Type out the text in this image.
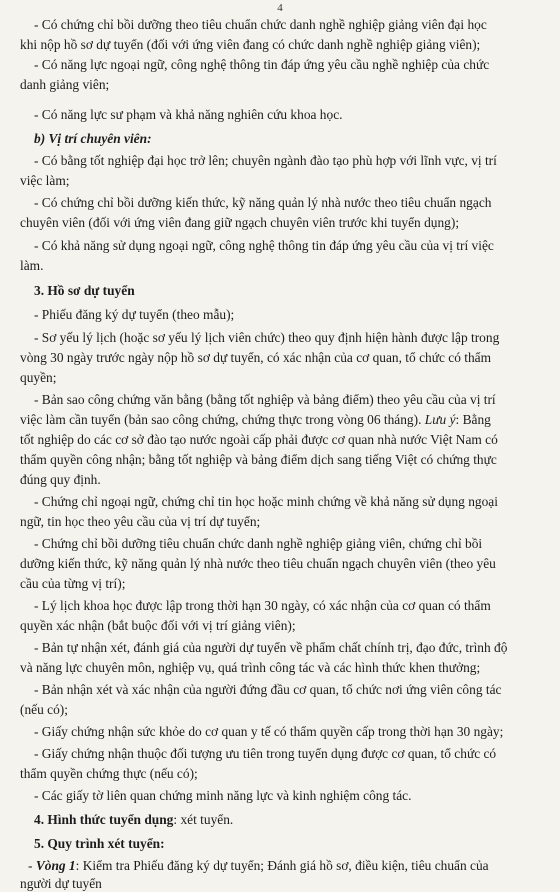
4
- Có chứng chỉ bồi dưỡng theo tiêu chuẩn chức danh nghề nghiệp giảng viên đại học
khi nộp hồ sơ dự tuyển (đối với ứng viên đang có chức danh nghề nghiệp giảng viên);
- Có năng lực ngoại ngữ, công nghệ thông tin đáp ứng yêu cầu nghề nghiệp của chức
danh giảng viên;
- Có năng lực sư phạm và khả năng nghiên cứu khoa học.
b) Vị trí chuyên viên:
- Có bằng tốt nghiệp đại học trở lên; chuyên ngành đào tạo phù hợp với lĩnh vực, vị trí
việc làm;
- Có chứng chỉ bồi dưỡng kiến thức, kỹ năng quản lý nhà nước theo tiêu chuẩn ngạch
chuyên viên (đối với ứng viên đang giữ ngạch chuyên viên trước khi tuyển dụng);
- Có khả năng sử dụng ngoại ngữ, công nghệ thông tin đáp ứng yêu cầu của vị trí việc
làm.
3. Hồ sơ dự tuyển
- Phiếu đăng ký dự tuyển (theo mẫu);
- Sơ yếu lý lịch (hoặc sơ yếu lý lịch viên chức) theo quy định hiện hành được lập trong
vòng 30 ngày trước ngày nộp hồ sơ dự tuyển, có xác nhận của cơ quan, tổ chức có thẩm
quyền;
- Bản sao công chứng văn bằng (bằng tốt nghiệp và bảng điểm) theo yêu cầu của vị trí
việc làm cần tuyển (bản sao công chứng, chứng thực trong vòng 06 tháng). Lưu ý: Bằng
tốt nghiệp do các cơ sở đào tạo nước ngoài cấp phải được cơ quan nhà nước Việt Nam có
thẩm quyền công nhận; bằng tốt nghiệp và bảng điểm dịch sang tiếng Việt có chứng thực
đúng quy định.
- Chứng chỉ ngoại ngữ, chứng chỉ tin học hoặc minh chứng về khả năng sử dụng ngoại
ngữ, tin học theo yêu cầu của vị trí dự tuyển;
- Chứng chỉ bồi dưỡng tiêu chuẩn chức danh nghề nghiệp giảng viên, chứng chỉ bồi
dưỡng kiến thức, kỹ năng quản lý nhà nước theo tiêu chuẩn ngạch chuyên viên (theo yêu
cầu của từng vị trí);
- Lý lịch khoa học được lập trong thời hạn 30 ngày, có xác nhận của cơ quan có thẩm
quyền xác nhận (bắt buộc đối với vị trí giảng viên);
- Bản tự nhận xét, đánh giá của người dự tuyển về phẩm chất chính trị, đạo đức, trình độ
và năng lực chuyên môn, nghiệp vụ, quá trình công tác và các hình thức khen thưởng;
- Bản nhận xét và xác nhận của người đứng đầu cơ quan, tổ chức nơi ứng viên công tác
(nếu có);
- Giấy chứng nhận sức khỏe do cơ quan y tế có thẩm quyền cấp trong thời hạn 30 ngày;
- Giấy chứng nhận thuộc đối tượng ưu tiên trong tuyển dụng được cơ quan, tổ chức có
thẩm quyền chứng thực (nếu có);
- Các giấy tờ liên quan chứng minh năng lực và kinh nghiệm công tác.
4. Hình thức tuyển dụng: xét tuyển.
5. Quy trình xét tuyển:
- Vòng 1: Kiểm tra Phiếu đăng ký dự tuyển; Đánh giá hồ sơ, điều kiện, tiêu chuẩn của
người dự tuyển
